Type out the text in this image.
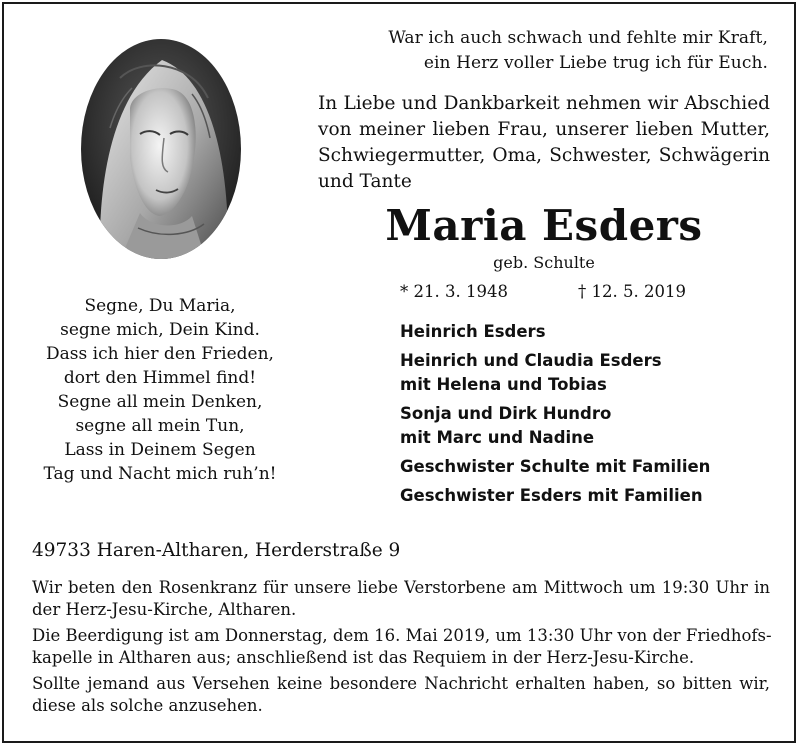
War ich auch schwach und fehlte mir Kraft,
ein Herz voller Liebe trug ich für Euch.
In Liebe und Dankbarkeit nehmen wir Abschied
von meiner lieben Frau, unserer lieben Mutter,
Schwiegermutter, Oma, Schwester, Schwägerin
und Tante
Maria Esders
geb. Schulte
* 21. 3. 1948	† 12. 5. 2019
Heinrich Esders
Heinrich und Claudia Esders
mit Helena und Tobias
Sonja und Dirk Hundro
mit Marc und Nadine
Geschwister Schulte mit Familien
Geschwister Esders mit Familien
Segne, Du Maria,
segne mich, Dein Kind.
Dass ich hier den Frieden,
dort den Himmel find!
Segne all mein Denken,
segne all mein Tun,
Lass in Deinem Segen
Tag und Nacht mich ruh’n!
49733 Haren-Altharen, Herderstraße 9
Wir beten den Rosenkranz für unsere liebe Verstorbene am Mittwoch um 19:30 Uhr in
der Herz-Jesu-Kirche, Altharen.
Die Beerdigung ist am Donnerstag, dem 16. Mai 2019, um 13:30 Uhr von der Friedhofs-
kapelle in Altharen aus; anschließend ist das Requiem in der Herz-Jesu-Kirche.
Sollte jemand aus Versehen keine besondere Nachricht erhalten haben, so bitten wir,
diese als solche anzusehen.
